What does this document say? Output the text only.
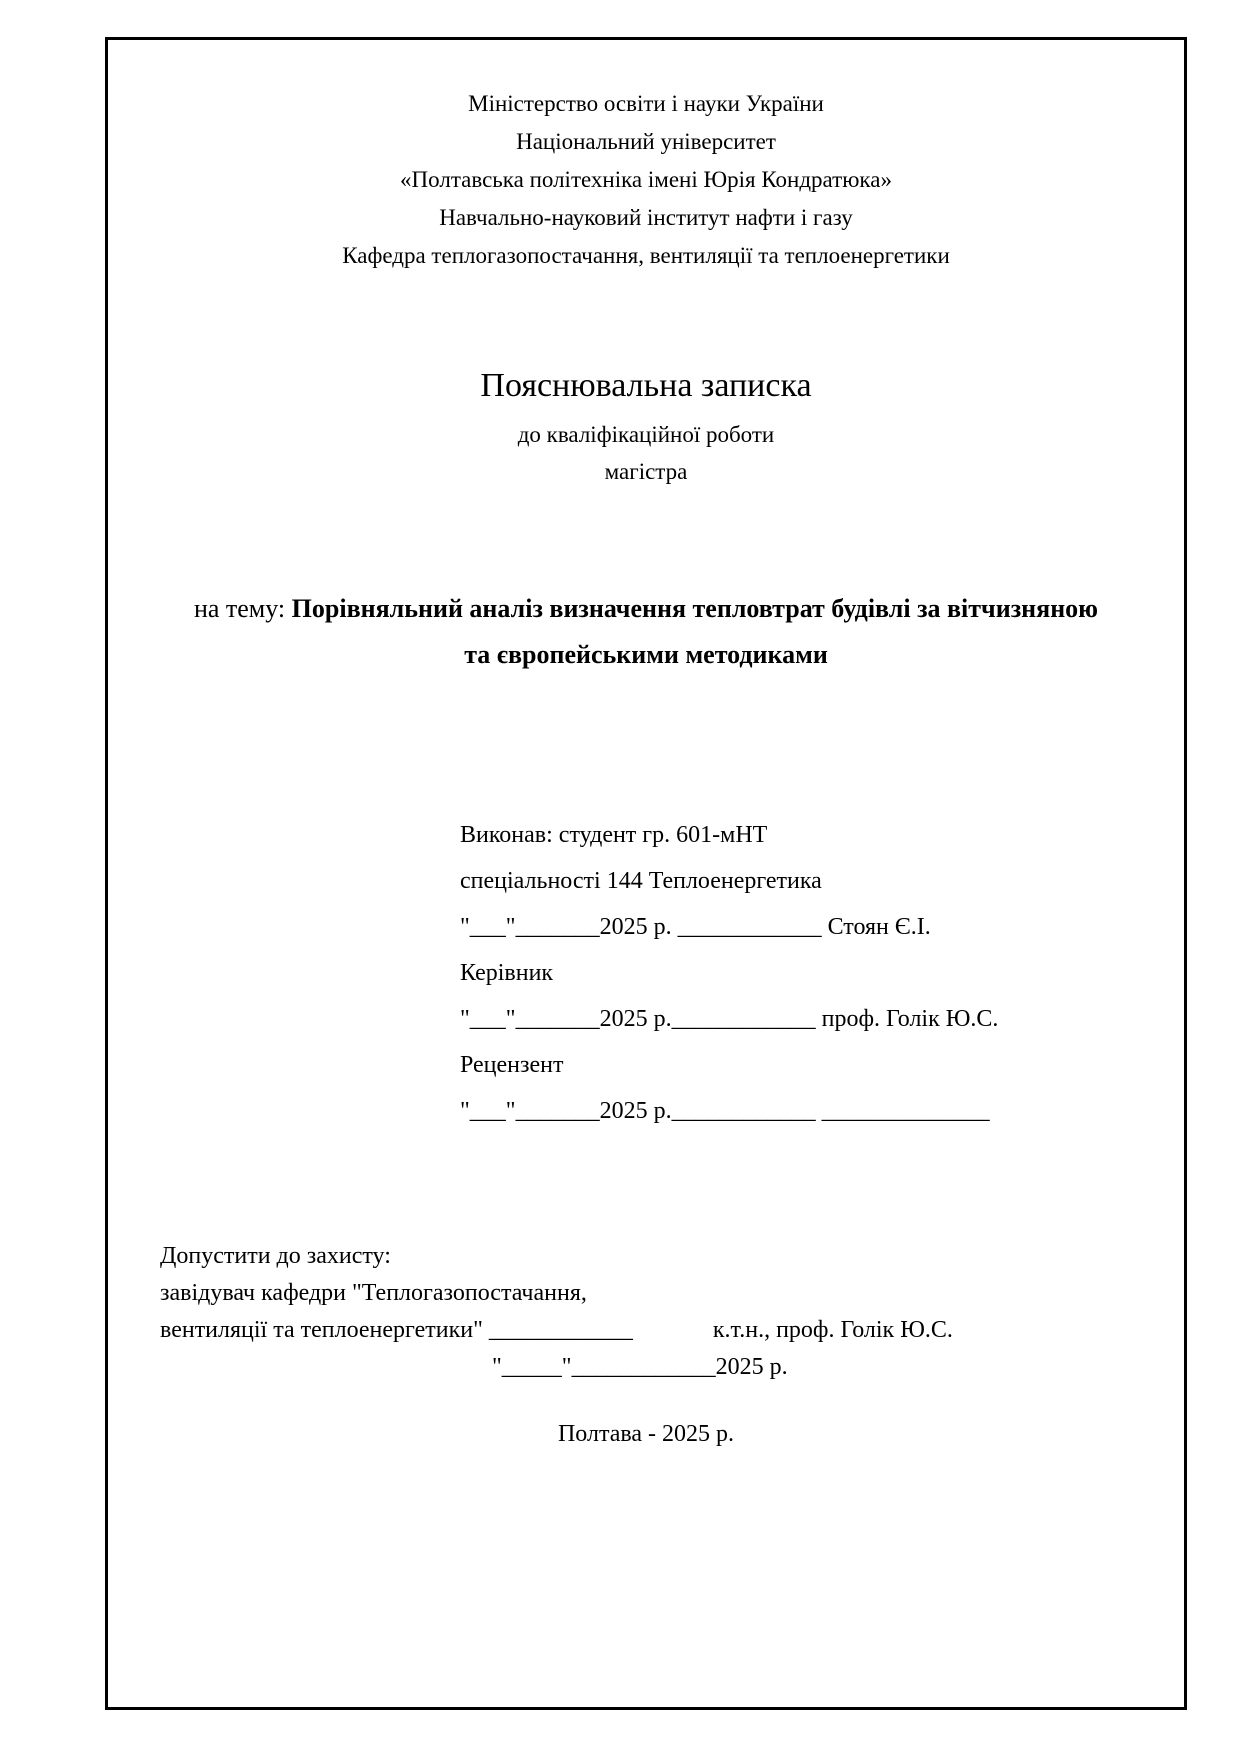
Міністерство освіти і науки України
Національний університет
«Полтавська політехніка імені Юрія Кондратюка»
Навчально-науковий інститут нафти і газу
Кафедра теплогазопостачання, вентиляції та теплоенергетики
Пояснювальна записка
до кваліфікаційної роботи
магістра
на тему: Порівняльний аналіз визначення тепловтрат будівлі за вітчизняною та європейськими методиками
Виконав: студент гр. 601-мНТ
спеціальності 144 Теплоенергетика
"___"_______2025 р. ____________ Стоян Є.І.
Керівник
"___"_______2025 р.____________ проф. Голік Ю.С.
Рецензент
"___"_______2025 р.____________ ______________
Допустити до захисту:
завідувач кафедри "Теплогазопостачання,
вентиляції та теплоенергетики" ____________	к.т.н., проф. Голік Ю.С.
"_____"____________2025 р.
Полтава - 2025 р.
